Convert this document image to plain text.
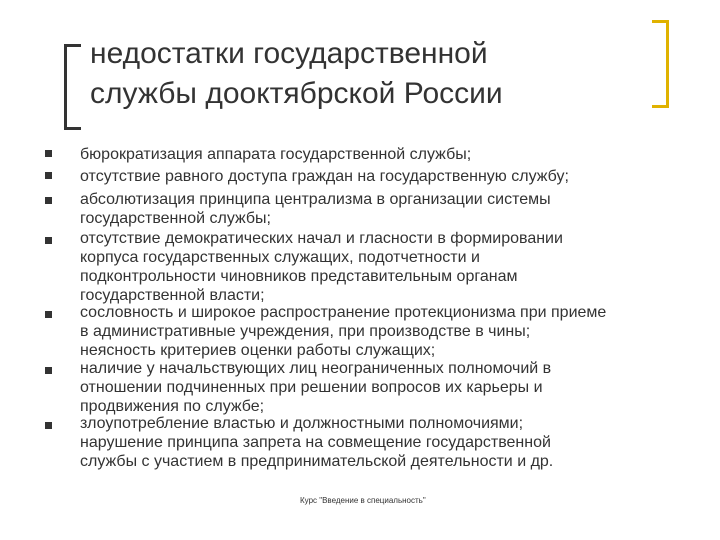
недостатки государственной
службы доoктябрской России
бюрократизация аппарата государственной службы;
отсутствие равного доступа граждан на государственную службу;
абсолютизация принципа централизма в организации системы
государственной службы;
отсутствие демократических начал и гласности в формировании
корпуса государственных служащих, подотчетности и
подконтрольности чиновников представительным органам
государственной власти;
сословность и широкое распространение протекционизма при приеме
в административные учреждения, при производстве в чины;
неясность критериев оценки работы служащих;
наличие у начальствующих лиц неограниченных полномочий в
отношении подчиненных при решении вопросов их карьеры и
продвижения по службе;
злоупотребление властью и должностными полномочиями;
нарушение принципа запрета на совмещение государственной
службы с участием в предпринимательской деятельности и др.
Курс "Введение в специальность"
